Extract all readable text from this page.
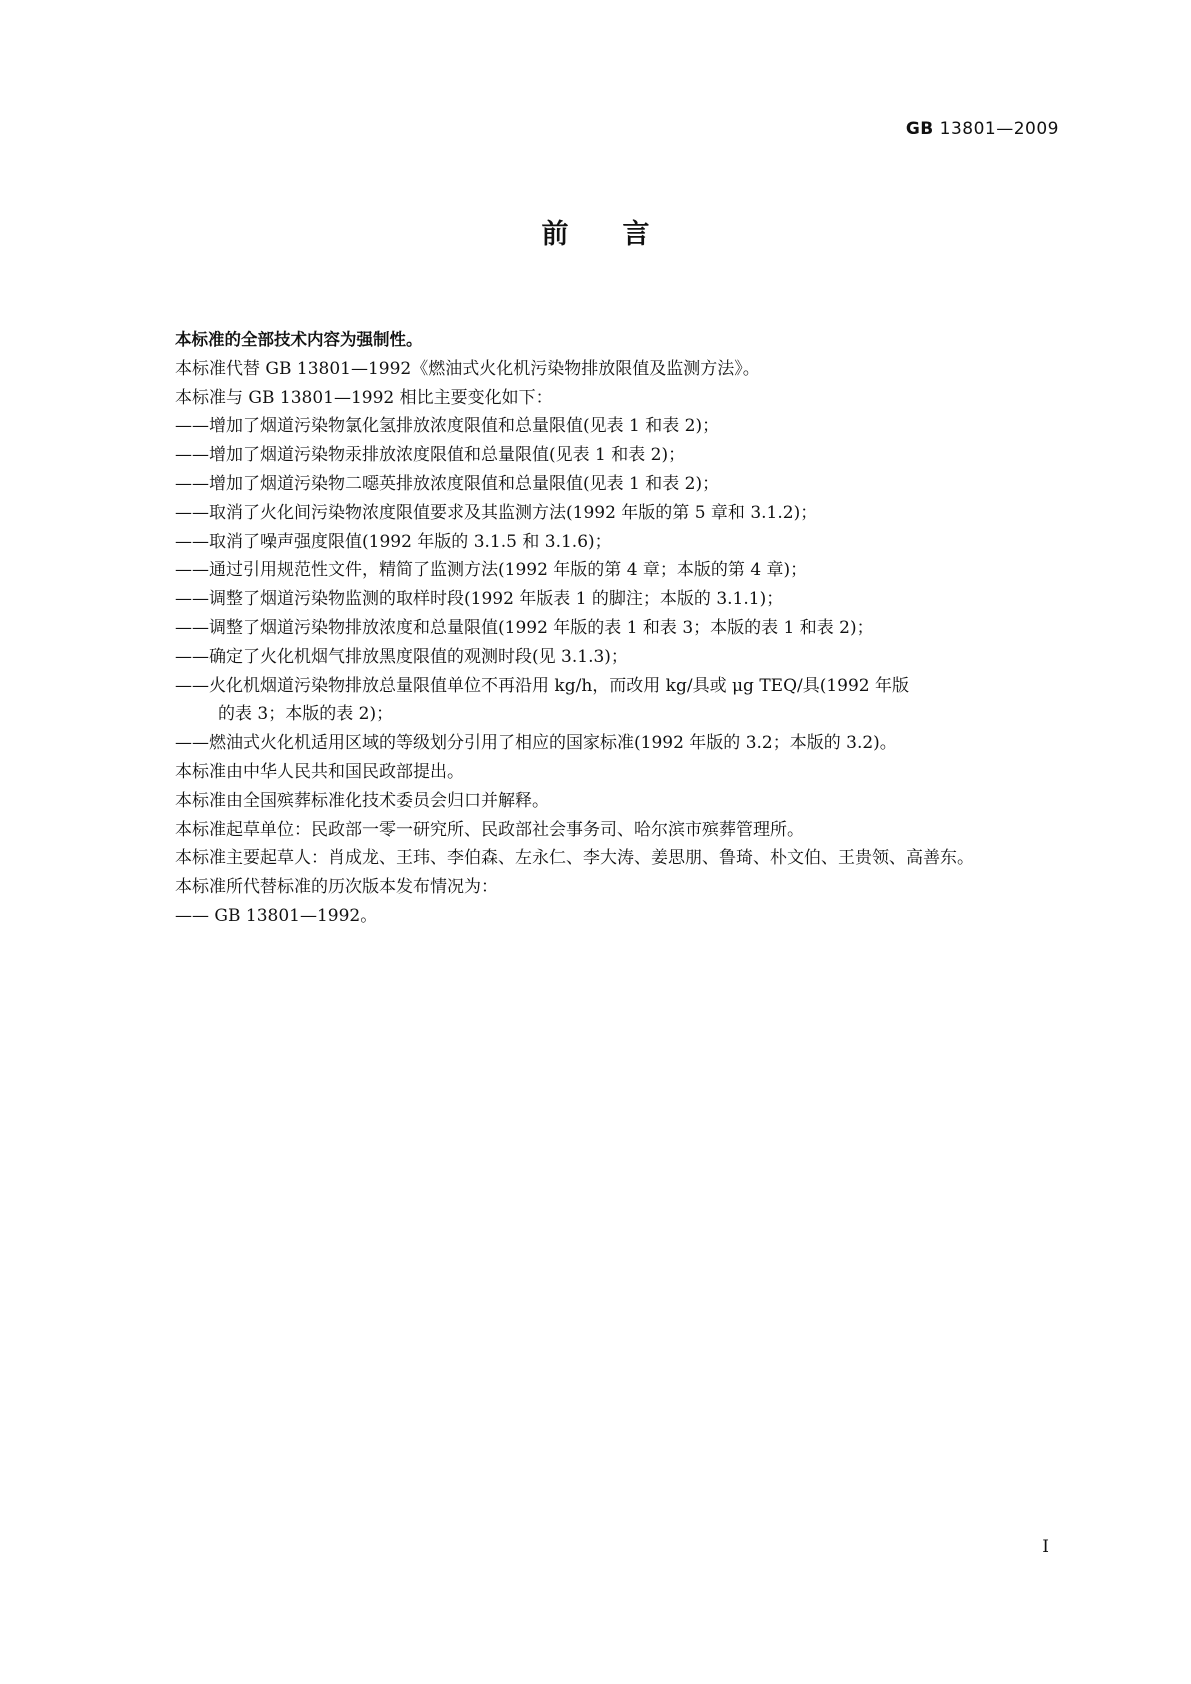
GB 13801—2009
前 言
本标准的全部技术内容为强制性。
本标准代替 GB 13801—1992《燃油式火化机污染物排放限值及监测方法》。
本标准与 GB 13801—1992 相比主要变化如下：
——增加了烟道污染物氯化氢排放浓度限值和总量限值(见表 1 和表 2)；
——增加了烟道污染物汞排放浓度限值和总量限值(见表 1 和表 2)；
——增加了烟道污染物二噁英排放浓度限值和总量限值(见表 1 和表 2)；
——取消了火化间污染物浓度限值要求及其监测方法(1992 年版的第 5 章和 3.1.2)；
——取消了噪声强度限值(1992 年版的 3.1.5 和 3.1.6)；
——通过引用规范性文件，精简了监测方法(1992 年版的第 4 章；本版的第 4 章)；
——调整了烟道污染物监测的取样时段(1992 年版表 1 的脚注；本版的 3.1.1)；
——调整了烟道污染物排放浓度和总量限值(1992 年版的表 1 和表 3；本版的表 1 和表 2)；
——确定了火化机烟气排放黑度限值的观测时段(见 3.1.3)；
——火化机烟道污染物排放总量限值单位不再沿用 kg/h，而改用 kg/具或 μg TEQ/具(1992 年版
的表 3；本版的表 2)；
——燃油式火化机适用区域的等级划分引用了相应的国家标准(1992 年版的 3.2；本版的 3.2)。
本标准由中华人民共和国民政部提出。
本标准由全国殡葬标准化技术委员会归口并解释。
本标准起草单位：民政部一零一研究所、民政部社会事务司、哈尔滨市殡葬管理所。
本标准主要起草人：肖成龙、王玮、李伯森、左永仁、李大涛、姜思朋、鲁琦、朴文伯、王贵领、高善东。
本标准所代替标准的历次版本发布情况为：
—— GB 13801—1992。
I
